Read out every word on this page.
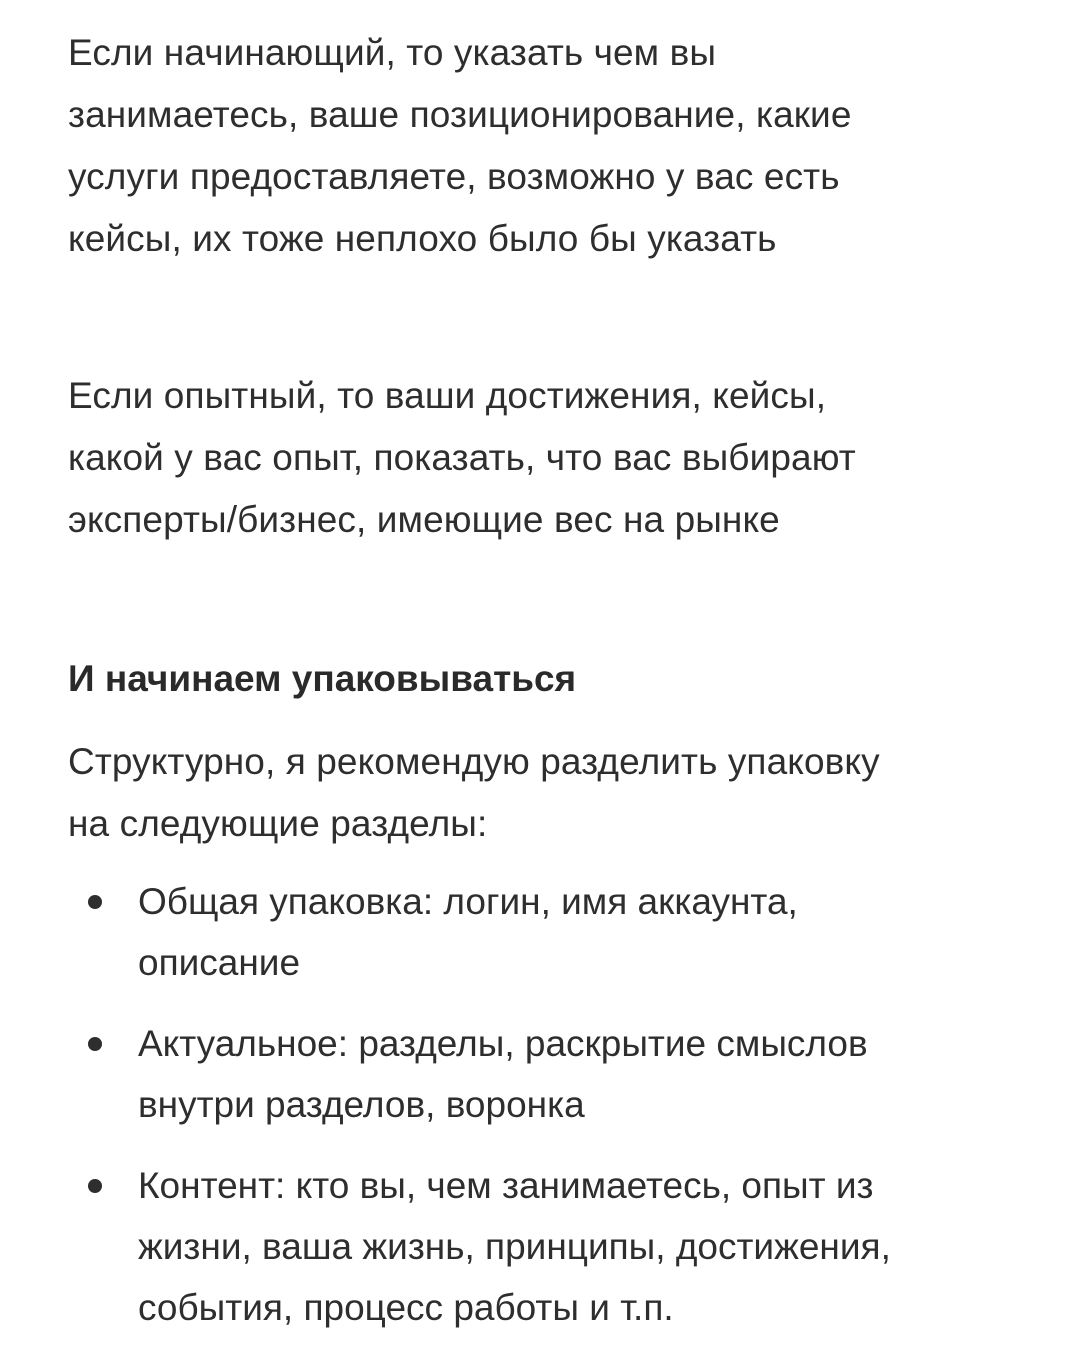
Если начинающий, то указать чем вы
занимаетесь, ваше позиционирование, какие
услуги предоставляете, возможно у вас есть
кейсы, их тоже неплохо было бы указать

Если опытный, то ваши достижения, кейсы,
какой у вас опыт, показать, что вас выбирают
эксперты/бизнес, имеющие вес на рынке

И начинаем упаковываться

Структурно, я рекомендую разделить упаковку
на следующие разделы:

Общая упаковка: логин, имя аккаунта,
описание
Актуальное: разделы, раскрытие смыслов
внутри разделов, воронка
Контент: кто вы, чем занимаетесь, опыт из
жизни, ваша жизнь, принципы, достижения,
события, процесс работы и т.п.
